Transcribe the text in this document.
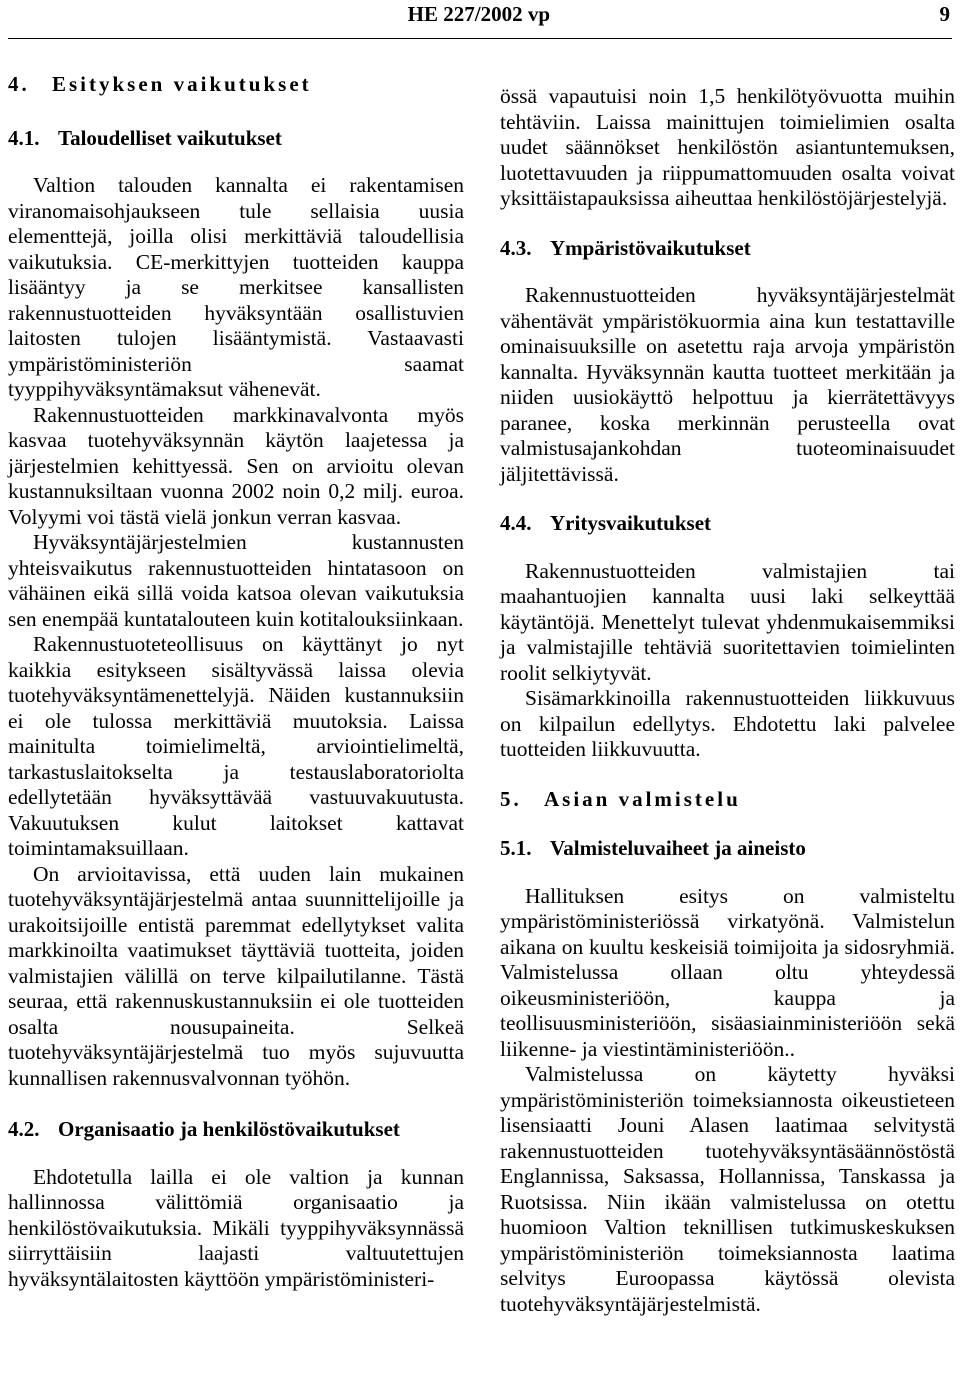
HE 227/2002 vp	9
4. Esityksen vaikutukset
4.1. Taloudelliset vaikutukset

Valtion talouden kannalta ei rakentamisen viranomaisohjaukseen tule sellaisia uusia elementtejä, joilla olisi merkittäviä taloudellisia vaikutuksia. CE-merkittyjen tuotteiden kauppa lisääntyy ja se merkitsee kansallisten rakennustuotteiden hyväksyntään osallistuvien laitosten tulojen lisääntymistä. Vastaavasti ympäristöministeriön saamat tyyppihyväksyntämaksut vähenevät.

Rakennustuotteiden markkinavalvonta myös kasvaa tuotehyväksynnän käytön laajetessa ja järjestelmien kehittyessä. Sen on arvioitu olevan kustannuksiltaan vuonna 2002 noin 0,2 milj. euroa. Volyymi voi tästä vielä jonkun verran kasvaa.

Hyväksyntäjärjestelmien kustannusten yhteisvaikutus rakennustuotteiden hintatasoon on vähäinen eikä sillä voida katsoa olevan vaikutuksia sen enempää kuntatalouteen kuin kotitalouksiinkaan.

Rakennustuoteteollisuus on käyttänyt jo nyt kaikkia esitykseen sisältyvässä laissa olevia tuotehyväksyntämenettelyjä. Näiden kustannuksiin ei ole tulossa merkittäviä muutoksia. Laissa mainitulta toimielimeltä, arviointielimeltä, tarkastuslaitokselta ja testauslaboratoriolta edellytetään hyväksyttävää vastuuvakuutusta. Vakuutuksen kulut laitokset kattavat toimintamaksuillaan.

On arvioitavissa, että uuden lain mukainen tuotehyväksyntäjärjestelmä antaa suunnittelijoille ja urakoitsijoille entistä paremmat edellytykset valita markkinoilta vaatimukset täyttäviä tuotteita, joiden valmistajien välillä on terve kilpailutilanne. Tästä seuraa, että rakennuskustannuksiin ei ole tuotteiden osalta nousupaineita. Selkeä tuotehyväksyntäjärjestelmä tuo myös sujuvuutta kunnallisen rakennusvalvonnan työhön.

4.2. Organisaatio ja henkilöstövaikutukset

Ehdotetulla lailla ei ole valtion ja kunnan hallinnossa välittömiä organisaatio ja henkilöstövaikutuksia. Mikäli tyyppihyväksynnässä siirryttäisiin laajasti valtuutettujen hyväksyntälaitosten käyttöön ympäristöministeri-

össä vapautuisi noin 1,5 henkilötyövuotta muihin tehtäviin. Laissa mainittujen toimielimien osalta uudet säännökset henkilöstön asiantuntemuksen, luotettavuuden ja riippumattomuuden osalta voivat yksittäistapauksissa aiheuttaa henkilöstöjärjestelyjä.

4.3. Ympäristövaikutukset

Rakennustuotteiden hyväksyntäjärjestelmät vähentävät ympäristökuormia aina kun testattaville ominaisuuksille on asetettu raja arvoja ympäristön kannalta. Hyväksynnän kautta tuotteet merkitään ja niiden uusiokäyttö helpottuu ja kierrätettävyys paranee, koska merkinnän perusteella ovat valmistusajankohdan tuoteominaisuudet jäljitettävissä.

4.4. Yritysvaikutukset

Rakennustuotteiden valmistajien tai maahantuojien kannalta uusi laki selkeyttää käytäntöjä. Menettelyt tulevat yhdenmukaisemmiksi ja valmistajille tehtäviä suoritettavien toimielinten roolit selkiytyvät.

Sisämarkkinoilla rakennustuotteiden liikkuvuus on kilpailun edellytys. Ehdotettu laki palvelee tuotteiden liikkuvuutta.

5. Asian valmistelu
5.1. Valmisteluvaiheet ja aineisto

Hallituksen esitys on valmisteltu ympäristöministeriössä virkatyönä. Valmistelun aikana on kuultu keskeisiä toimijoita ja sidosryhmiä. Valmistelussa ollaan oltu yhteydessä oikeusministeriöön, kauppa ja teollisuusministeriöön, sisäasiainministeriöön sekä liikenne- ja viestintäministeriöön..

Valmistelussa on käytetty hyväksi ympäristöministeriön toimeksiannosta oikeustieteen lisensiaatti Jouni Alasen laatimaa selvitystä rakennustuotteiden tuotehyväksyntäsäännöstöstä Englannissa, Saksassa, Hollannissa, Tanskassa ja Ruotsissa. Niin ikään valmistelussa on otettu huomioon Valtion teknillisen tutkimuskeskuksen ympäristöministeriön toimeksiannosta laatima selvitys Euroopassa käytössä olevista tuotehyväksyntäjärjestelmistä.
